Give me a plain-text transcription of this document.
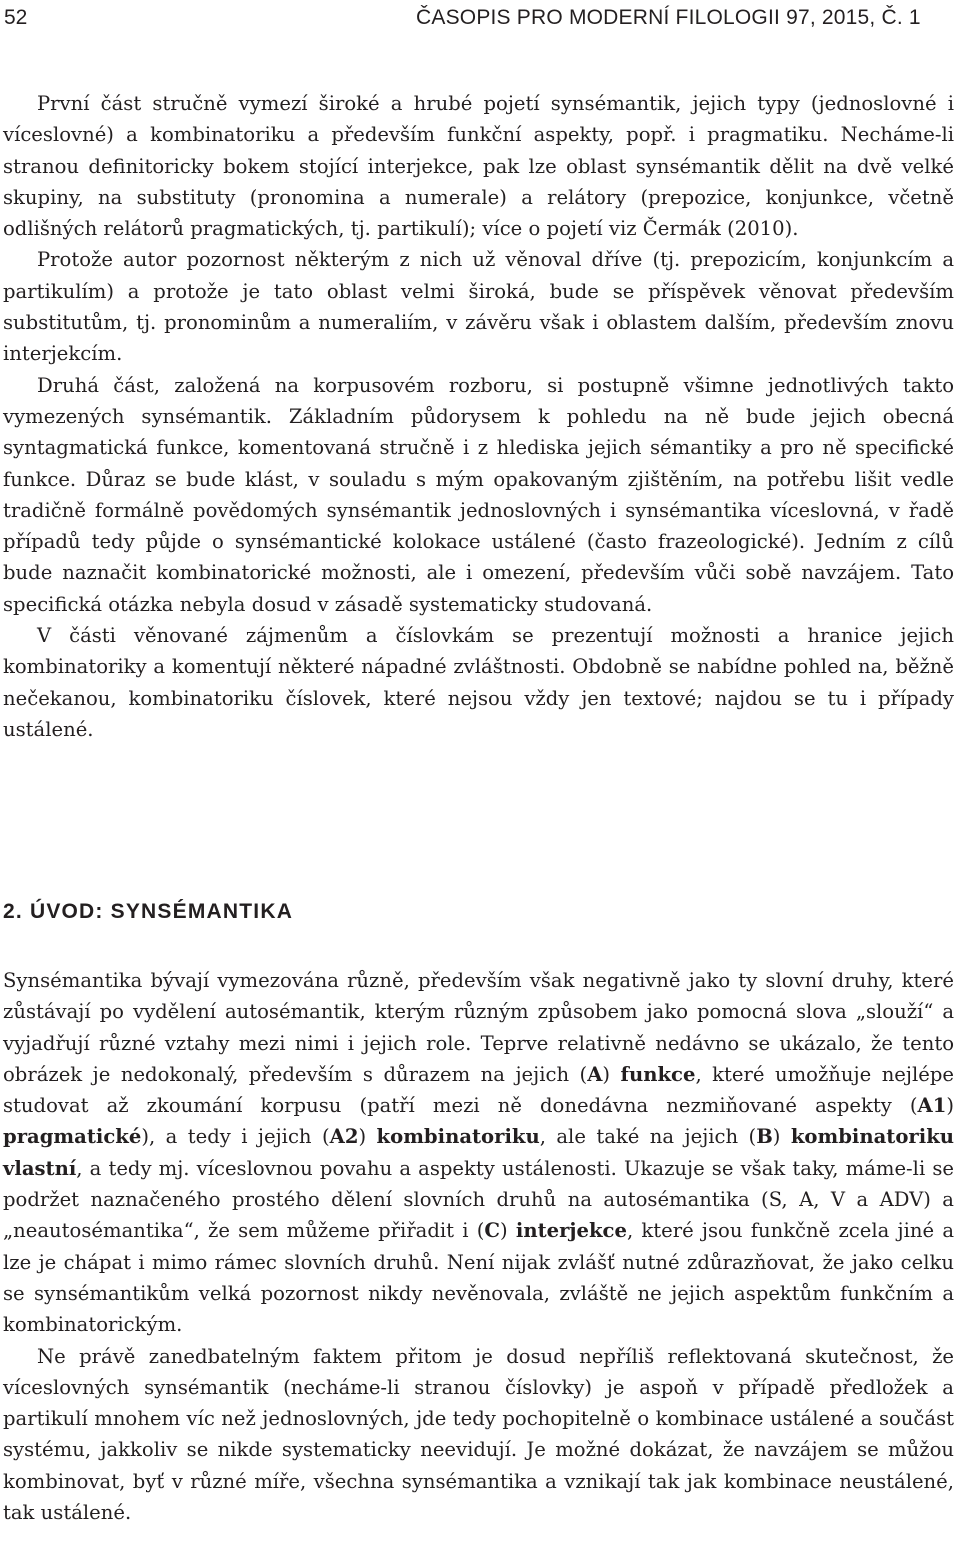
52	ČASOPIS PRO MODERNÍ FILOLOGII 97, 2015, Č. 1

První část stručně vymezí široké a hrubé pojetí synsémantik, jejich typy (jednoslovné i víceslovné) a kombinatoriku a především funkční aspekty, popř. i pragmatiku. Necháme-li stranou definitoricky bokem stojící interjekce, pak lze oblast synsémantik dělit na dvě velké skupiny, na substituty (pronomina a numerale) a relátory (prepozice, konjunkce, včetně odlišných relátorů pragmatických, tj. partikulí); více o pojetí viz Čermák (2010).

Protože autor pozornost některým z nich už věnoval dříve (tj. prepozicím, konjunkcím a partikulím) a protože je tato oblast velmi široká, bude se příspěvek věnovat především substitutům, tj. pronominům a numeraliím, v závěru však i oblastem dalším, především znovu interjekcím.

Druhá část, založená na korpusovém rozboru, si postupně všimne jednotlivých takto vymezených synsémantik. Základním půdorysem k pohledu na ně bude jejich obecná syntagmatická funkce, komentovaná stručně i z hlediska jejich sémantiky a pro ně specifické funkce. Důraz se bude klást, v souladu s mým opakovaným zjištěním, na potřebu lišit vedle tradičně formálně povědomých synsémantik jednoslovných i synsémantika víceslovná, v řadě případů tedy půjde o synsémantické kolokace ustálené (často frazeologické). Jedním z cílů bude naznačit kombinatorické možnosti, ale i omezení, především vůči sobě navzájem. Tato specifická otázka nebyla dosud v zásadě systematicky studovaná.

V části věnované zájmenům a číslovkám se prezentují možnosti a hranice jejich kombinatoriky a komentují některé nápadné zvláštnosti. Obdobně se nabídne pohled na, běžně nečekanou, kombinatoriku číslovek, které nejsou vždy jen textové; najdou se tu i případy ustálené.

2. ÚVOD: SYNSÉMANTIKA

Synsémantika bývají vymezována různě, především však negativně jako ty slovní druhy, které zůstávají po vydělení autosémantik, kterým různým způsobem jako pomocná slova „slouží“ a vyjadřují různé vztahy mezi nimi i jejich role. Teprve relativně nedávno se ukázalo, že tento obrázek je nedokonalý, především s důrazem na jejich (A) funkce, které umožňuje nejlépe studovat až zkoumání korpusu (patří mezi ně donedávna nezmiňované aspekty (A1) pragmatické), a tedy i jejich (A2) kombinatoriku, ale také na jejich (B) kombinatoriku vlastní, a tedy mj. víceslovnou povahu a aspekty ustálenosti. Ukazuje se však taky, máme-li se podržet naznačeného prostého dělení slovních druhů na autosémantika (S, A, V a ADV) a „neautosémantika“, že sem můžeme přiřadit i (C) interjekce, které jsou funkčně zcela jiné a lze je chápat i mimo rámec slovních druhů. Není nijak zvlášť nutné zdůrazňovat, že jako celku se synsémantikům velká pozornost nikdy nevěnovala, zvláště ne jejich aspektům funkčním a kombinatorickým.

Ne právě zanedbatelným faktem přitom je dosud nepříliš reflektovaná skutečnost, že víceslovných synsémantik (necháme-li stranou číslovky) je aspoň v případě předložek a partikulí mnohem víc než jednoslovných, jde tedy pochopitelně o kombinace ustálené a součást systému, jakkoliv se nikde systematicky neevidují. Je možné dokázat, že navzájem se můžou kombinovat, byť v různé míře, všechna synsémantika a vznikají tak jak kombinace neustálené, tak ustálené.
